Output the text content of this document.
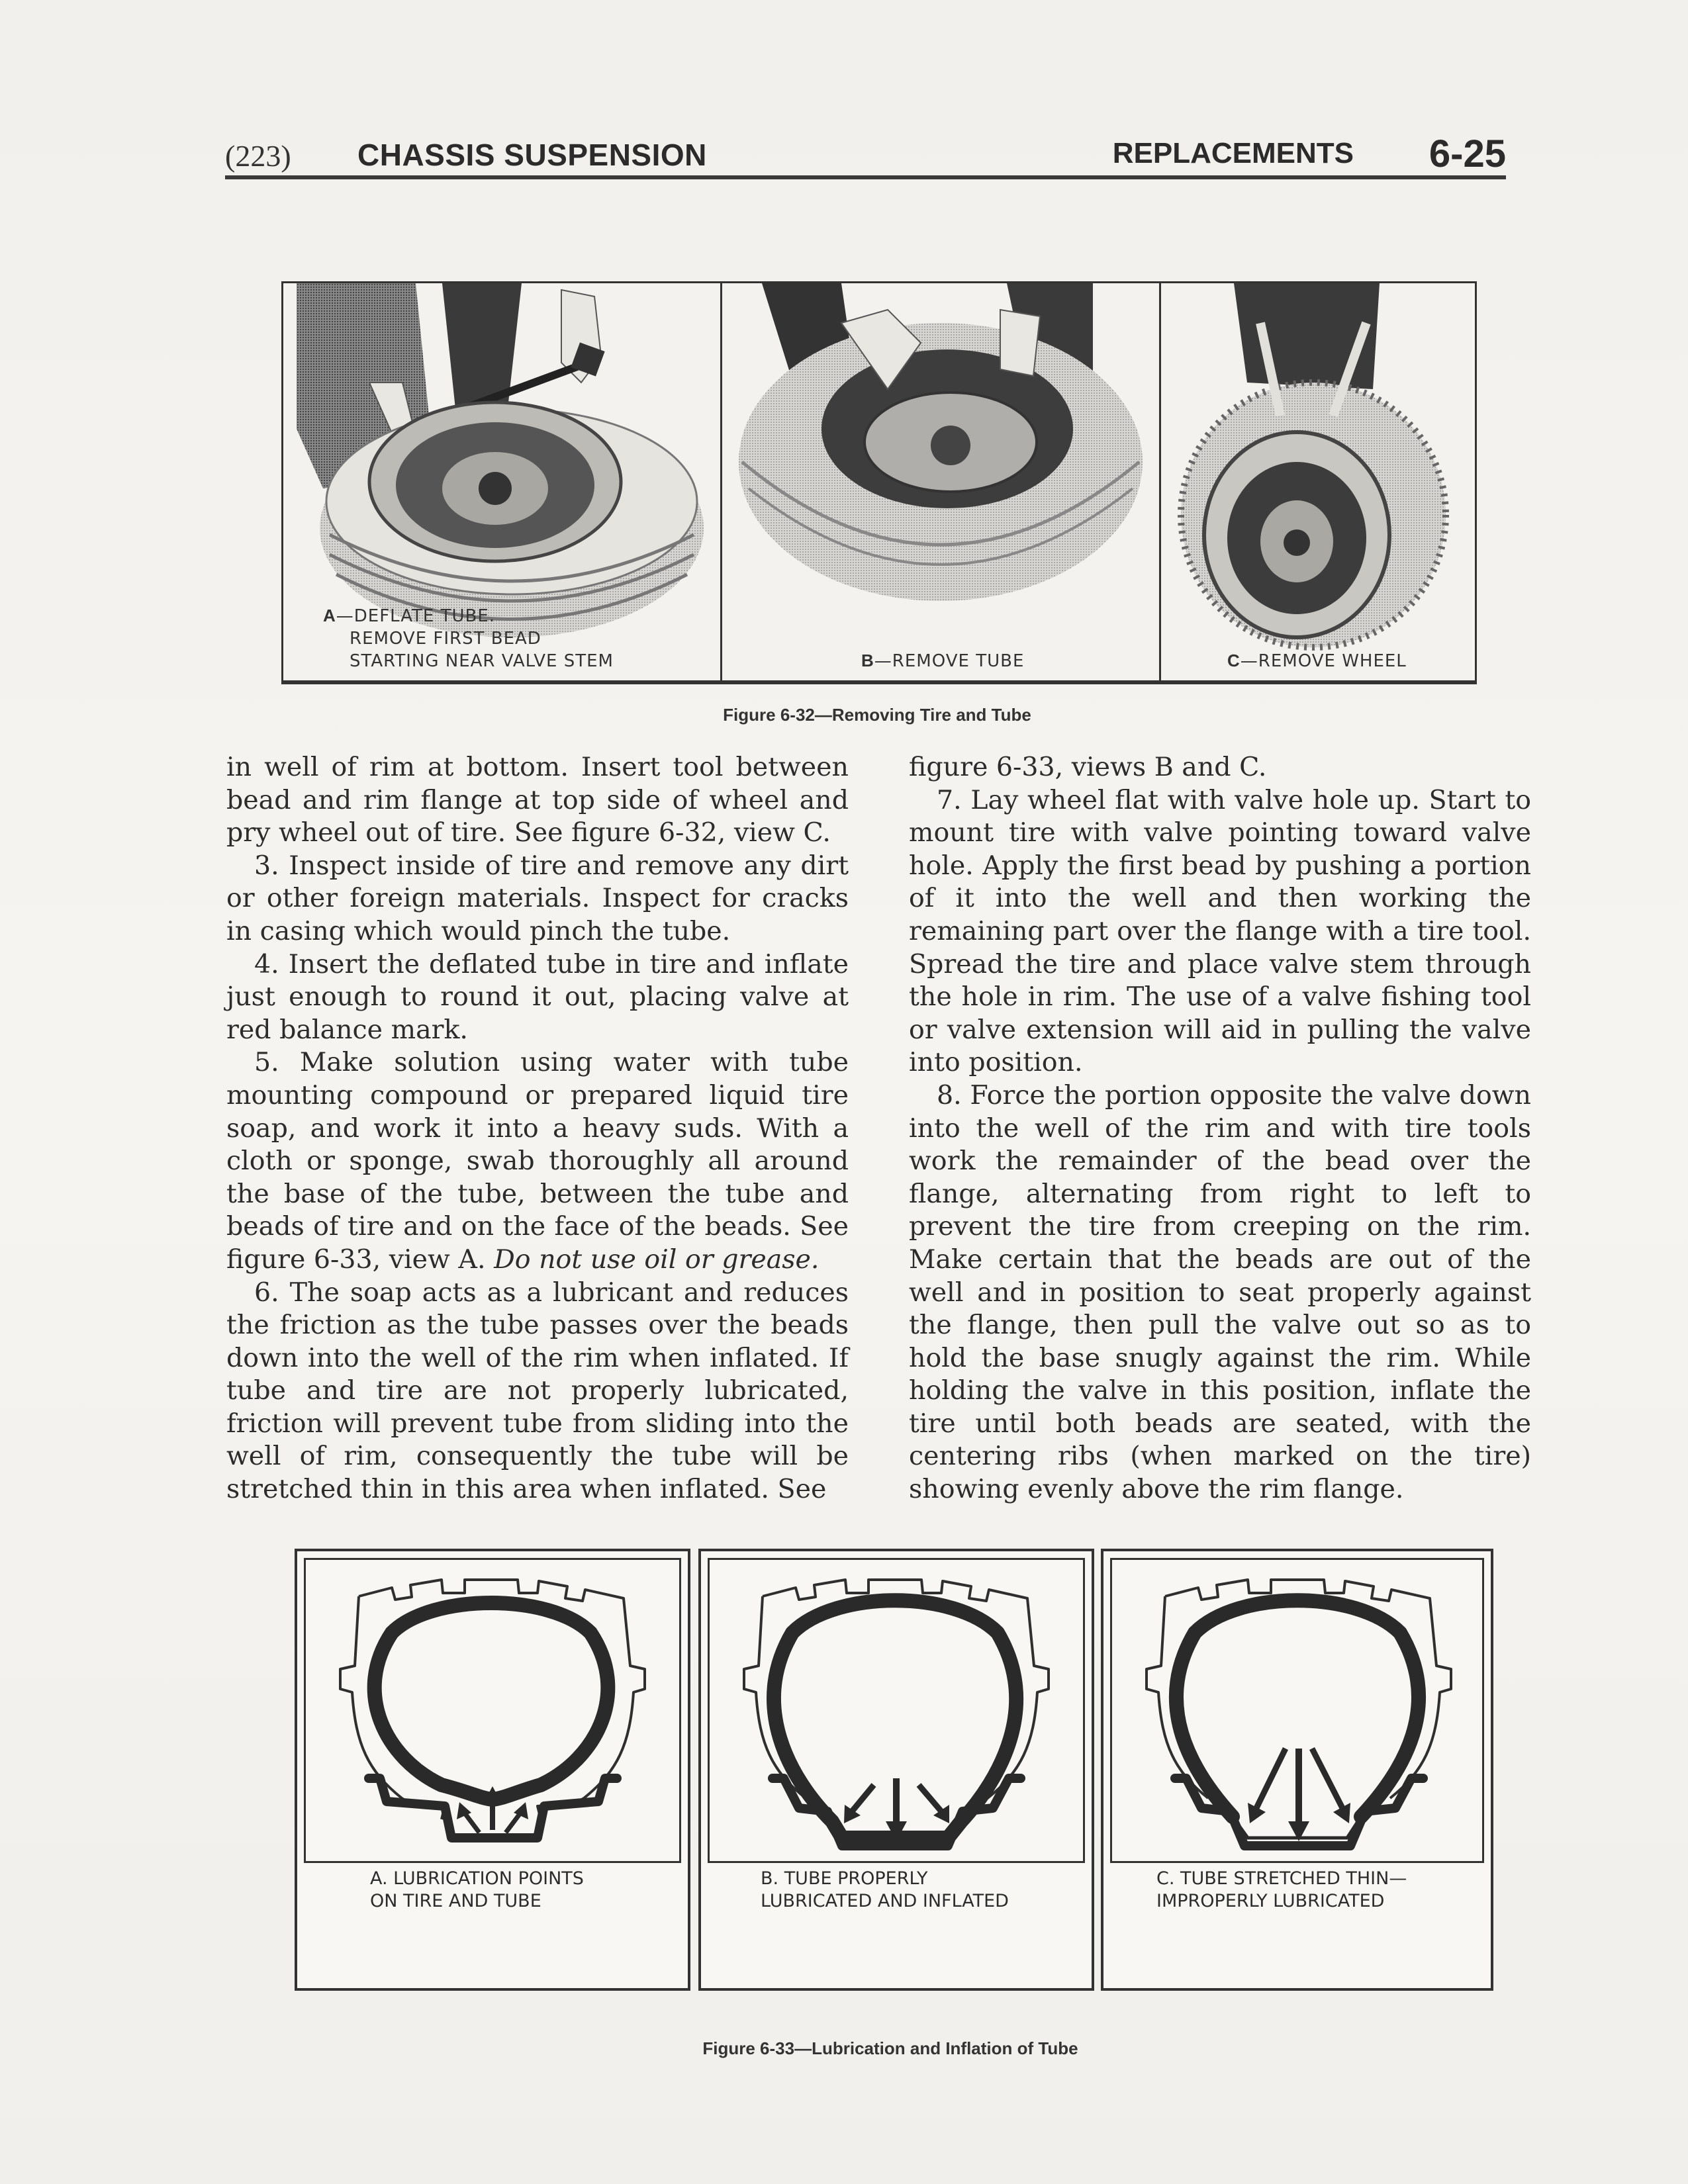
(223) CHASSIS SUSPENSION	REPLACEMENTS 6-25
A—DEFLATE TUBE.
REMOVE FIRST BEAD
STARTING NEAR VALVE STEM	B—REMOVE TUBE	C—REMOVE WHEEL
Figure 6-32—Removing Tire and Tube

in well of rim at bottom. Insert tool between bead and rim flange at top side of wheel and pry wheel out of tire. See figure 6-32, view C.

3. Inspect inside of tire and remove any dirt or other foreign materials. Inspect for cracks in casing which would pinch the tube.

4. Insert the deflated tube in tire and inflate just enough to round it out, placing valve at red balance mark.

5. Make solution using water with tube mounting compound or prepared liquid tire soap, and work it into a heavy suds. With a cloth or sponge, swab thoroughly all around the base of the tube, between the tube and beads of tire and on the face of the beads. See figure 6-33, view A. Do not use oil or grease.

6. The soap acts as a lubricant and reduces the friction as the tube passes over the beads down into the well of the rim when inflated. If tube and tire are not properly lubricated, friction will prevent tube from sliding into the well of rim, consequently the tube will be stretched thin in this area when inflated. See

figure 6-33, views B and C.

7. Lay wheel flat with valve hole up. Start to mount tire with valve pointing toward valve hole. Apply the first bead by pushing a portion of it into the well and then working the remaining part over the flange with a tire tool. Spread the tire and place valve stem through the hole in rim. The use of a valve fishing tool or valve extension will aid in pulling the valve into position.

8. Force the portion opposite the valve down into the well of the rim and with tire tools work the remainder of the bead over the flange, alternating from right to left to prevent the tire from creeping on the rim. Make certain that the beads are out of the well and in position to seat properly against the flange, then pull the valve out so as to hold the base snugly against the rim. While holding the valve in this position, inflate the tire until both beads are seated, with the centering ribs (when marked on the tire) showing evenly above the rim flange.

A. LUBRICATION POINTS
ON TIRE AND TUBE
B. TUBE PROPERLY
LUBRICATED AND INFLATED
C. TUBE STRETCHED THIN—
IMPROPERLY LUBRICATED
Figure 6-33—Lubrication and Inflation of Tube
